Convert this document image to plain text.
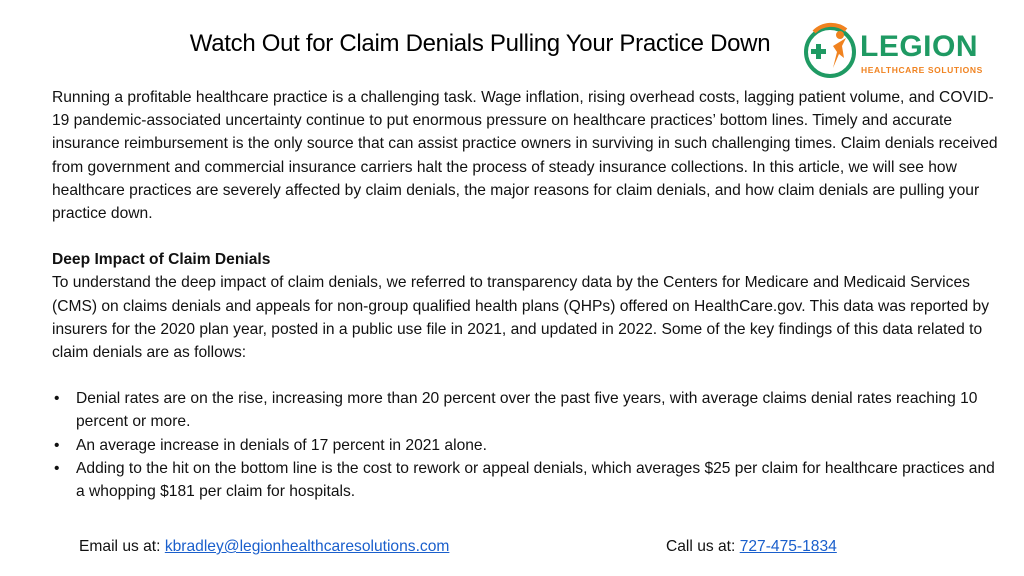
Watch Out for Claim Denials Pulling Your Practice Down	LEGION
HEALTHCARE SOLUTIONS

Running a profitable healthcare practice is a challenging task. Wage inflation, rising overhead costs, lagging patient volume, and COVID-19 pandemic-associated uncertainty continue to put enormous pressure on healthcare practices’ bottom lines. Timely and accurate insurance reimbursement is the only source that can assist practice owners in surviving in such challenging times. Claim denials received from government and commercial insurance carriers halt the process of steady insurance collections. In this article, we will see how healthcare practices are severely affected by claim denials, the major reasons for claim denials, and how claim denials are pulling your practice down.

Deep Impact of Claim Denials

To understand the deep impact of claim denials, we referred to transparency data by the Centers for Medicare and Medicaid Services (CMS) on claims denials and appeals for non-group qualified health plans (QHPs) offered on HealthCare.gov. This data was reported by insurers for the 2020 plan year, posted in a public use file in 2021, and updated in 2022. Some of the key findings of this data related to claim denials are as follows:

• Denial rates are on the rise, increasing more than 20 percent over the past five years, with average claims denial rates reaching 10 percent or more.
• An average increase in denials of 17 percent in 2021 alone.
• Adding to the hit on the bottom line is the cost to rework or appeal denials, which averages $25 per claim for healthcare practices and a whopping $181 per claim for hospitals.
Email us at: kbradley@legionhealthcaresolutions.com	Call us at: 727-475-1834
